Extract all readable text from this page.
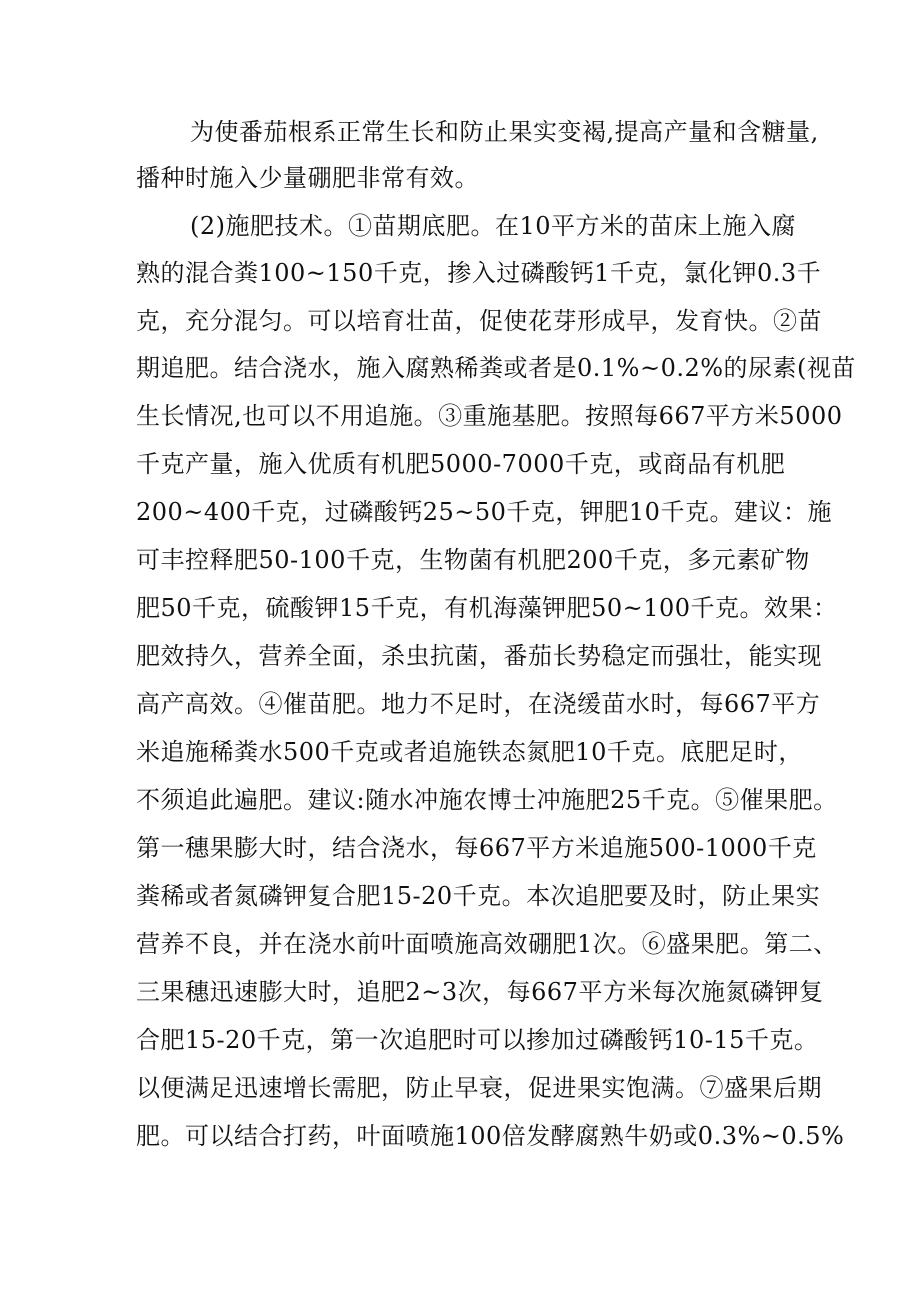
为使番茄根系正常生长和防止果实变褐,提高产量和含糖量,
播种时施入少量硼肥非常有效。
(2)施肥技术。①苗期底肥。在10平方米的苗床上施入腐
熟的混合粪100~150千克，掺入过磷酸钙1千克，氯化钾0.3千
克，充分混匀。可以培育壮苗，促使花芽形成早，发育快。②苗
期追肥。结合浇水，施入腐熟稀粪或者是0.1%~0.2%的尿素(视苗
生长情况,也可以不用追施。③重施基肥。按照每667平方米5000
千克产量，施入优质有机肥5000-7000千克，或商品有机肥
200~400千克，过磷酸钙25~50千克，钾肥10千克。建议：施
可丰控释肥50-100千克，生物菌有机肥200千克，多元素矿物
肥50千克，硫酸钾15千克，有机海藻钾肥50~100千克。效果：
肥效持久，营养全面，杀虫抗菌，番茄长势稳定而强壮，能实现
高产高效。④催苗肥。地力不足时，在浇缓苗水时，每667平方
米追施稀粪水500千克或者追施铁态氮肥10千克。底肥足时，
不须追此遍肥。建议:随水冲施农博士冲施肥25千克。⑤催果肥。
第一穗果膨大时，结合浇水，每667平方米追施500-1000千克
粪稀或者氮磷钾复合肥15-20千克。本次追肥要及时，防止果实
营养不良，并在浇水前叶面喷施高效硼肥1次。⑥盛果肥。第二、
三果穗迅速膨大时，追肥2~3次，每667平方米每次施氮磷钾复
合肥15-20千克，第一次追肥时可以掺加过磷酸钙10-15千克。
以便满足迅速增长需肥，防止早衰，促进果实饱满。⑦盛果后期
肥。可以结合打药，叶面喷施100倍发酵腐熟牛奶或0.3%~0.5%
